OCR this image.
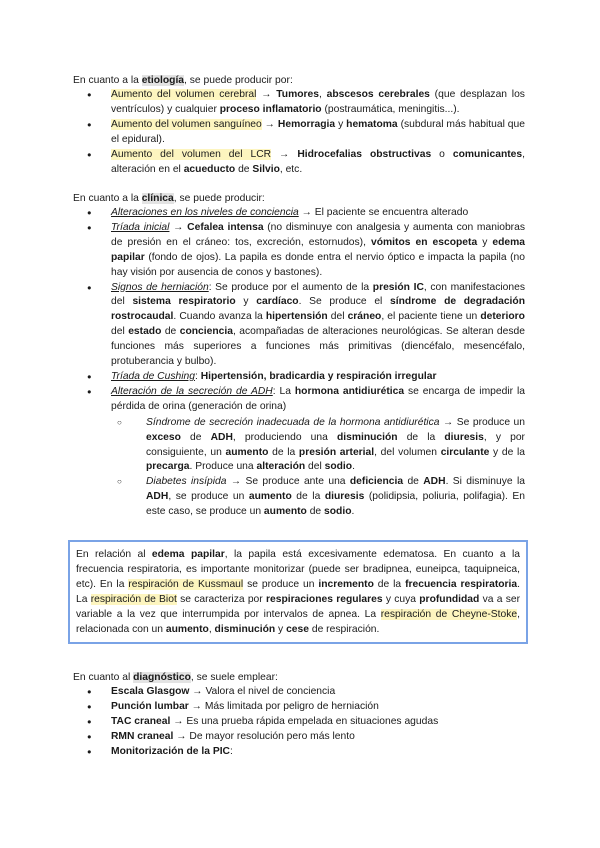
En cuanto a la etiología, se puede producir por:

● Aumento del volumen cerebral → Tumores, abscesos cerebrales (que desplazan los ventrículos) y cualquier proceso inflamatorio (postraumática, meningitis...).
● Aumento del volumen sanguíneo → Hemorragia y hematoma (subdural más habitual que el epidural).
● Aumento del volumen del LCR → Hidrocefalias obstructivas o comunicantes, alteración en el acueducto de Silvio, etc.

En cuanto a la clínica, se puede producir:

● Alteraciones en los niveles de conciencia → El paciente se encuentra alterado
● Tríada inicial → Cefalea intensa (no disminuye con analgesia y aumenta con maniobras de presión en el cráneo: tos, excreción, estornudos), vómitos en escopeta y edema papilar (fondo de ojos). La papila es donde entra el nervio óptico e impacta la papila (no hay visión por ausencia de conos y bastones).
● Signos de herniación: Se produce por el aumento de la presión IC, con manifestaciones del sistema respiratorio y cardíaco. Se produce el síndrome de degradación rostrocaudal. Cuando avanza la hipertensión del cráneo, el paciente tiene un deterioro del estado de conciencia, acompañadas de alteraciones neurológicas. Se alteran desde funciones más superiores a funciones más primitivas (diencéfalo, mesencéfalo, protuberancia y bulbo).
● Tríada de Cushing: Hipertensión, bradicardia y respiración irregular
● Alteración de la secreción de ADH: La hormona antidiurética se encarga de impedir la pérdida de orina (generación de orina)
○ Síndrome de secreción inadecuada de la hormona antidiurética → Se produce un exceso de ADH, produciendo una disminución de la diuresis, y por consiguiente, un aumento de la presión arterial, del volumen circulante y de la precarga. Produce una alteración del sodio.
○ Diabetes insípida → Se produce ante una deficiencia de ADH. Si disminuye la ADH, se produce un aumento de la diuresis (polidipsia, poliuria, polifagia). En este caso, se produce un aumento de sodio.
En relación al edema papilar, la papila está excesivamente edematosa. En cuanto a la frecuencia respiratoria, es importante monitorizar (puede ser bradipnea, euneipca, taquipneica, etc). En la respiración de Kussmaul se produce un incremento de la frecuencia respiratoria. La respiración de Biot se caracteriza por respiraciones regulares y cuya profundidad va a ser variable a la vez que interrumpida por intervalos de apnea. La respiración de Cheyne-Stoke, relacionada con un aumento, disminución y cese de respiración.

En cuanto al diagnóstico, se suele emplear:

● Escala Glasgow → Valora el nivel de conciencia
● Punción lumbar → Más limitada por peligro de herniación
● TAC craneal → Es una prueba rápida empelada en situaciones agudas
● RMN craneal → De mayor resolución pero más lento
● Monitorización de la PIC:
